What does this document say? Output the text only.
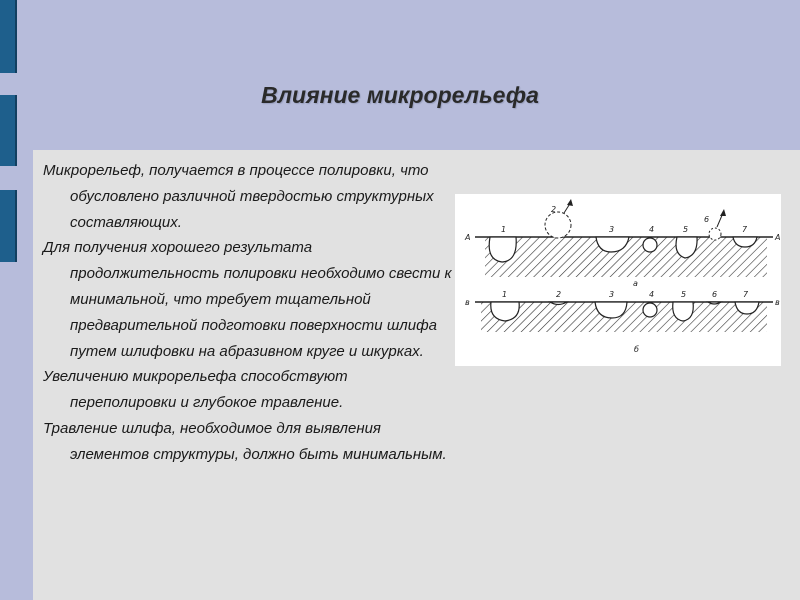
Влияние микрорельефа

Микрорельеф, получается в процессе полировки, что обусловлено различной твердостью структурных составляющих.

Для получения хорошего результата продолжительность полировки необходимо свести к минимальной, что требует тщательной предварительной подготовки поверхности шлифа путем шлифовки на абразивном круге и шкурках.

Увеличению микрорельефа способствуют переполировки и глубокое травление.

Травление шлифа, необходимое для выявления элементов структуры, должно быть минимальным.

А	А
1
2
3	4	5
6
7
а
в	в
1	2	3	4	5	6	7
б
